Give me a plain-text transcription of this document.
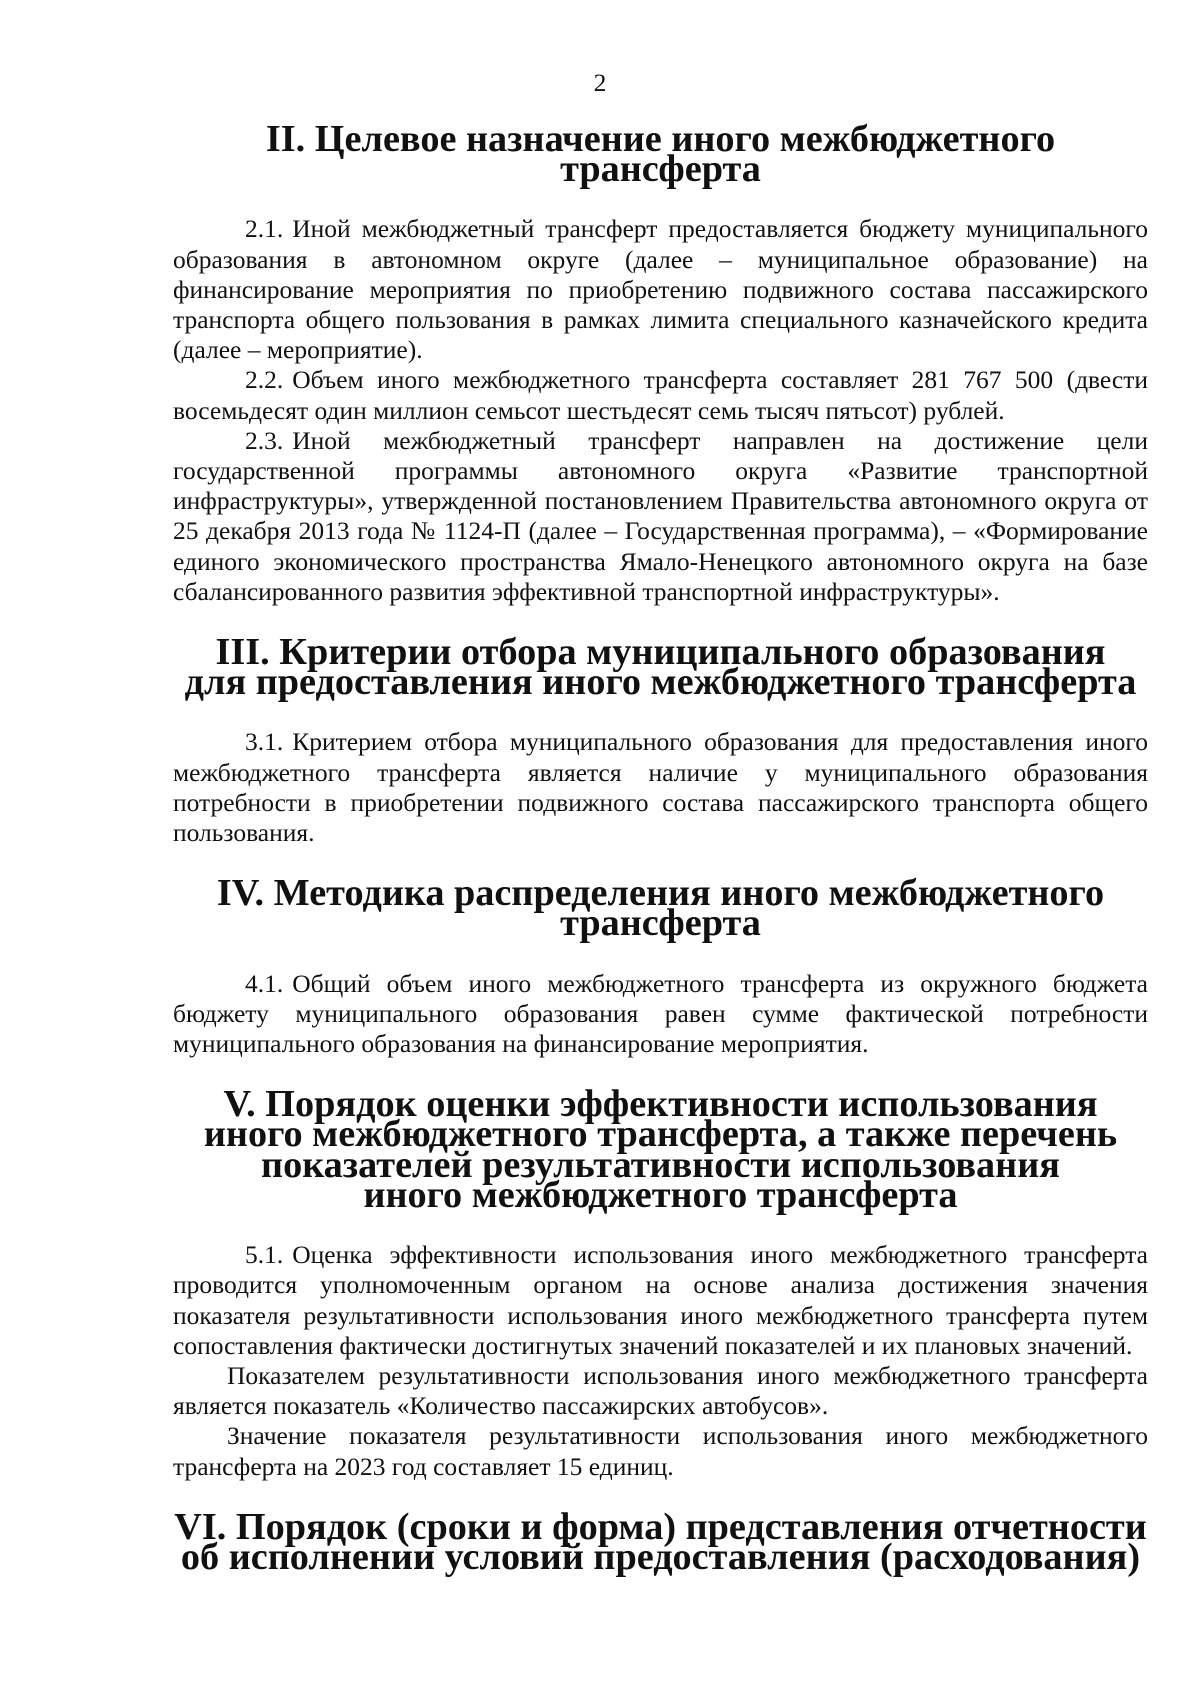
2
II. Целевое назначение иного межбюджетного трансферта

2.1. Иной межбюджетный трансферт предоставляется бюджету муниципального образования в автономном округе (далее – муниципальное образование) на финансирование мероприятия по приобретению подвижного состава пассажирского транспорта общего пользования в рамках лимита специального казначейского кредита (далее – мероприятие).

2.2. Объем иного межбюджетного трансферта составляет 281 767 500 (двести восемьдесят один миллион семьсот шестьдесят семь тысяч пятьсот) рублей.

2.3. Иной межбюджетный трансферт направлен на достижение цели государственной программы автономного округа «Развитие транспортной инфраструктуры», утвержденной постановлением Правительства автономного округа от 25 декабря 2013 года № 1124-П (далее – Государственная программа), – «Формирование единого экономического пространства Ямало-Ненецкого автономного округа на базе сбалансированного развития эффективной транспортной инфраструктуры».

III. Критерии отбора муниципального образования
для предоставления иного межбюджетного трансферта

3.1. Критерием отбора муниципального образования для предоставления иного межбюджетного трансферта является наличие у муниципального образования потребности в приобретении подвижного состава пассажирского транспорта общего пользования.

IV. Методика распределения иного межбюджетного трансферта

4.1. Общий объем иного межбюджетного трансферта из окружного бюджета бюджету муниципального образования равен сумме фактической потребности муниципального образования на финансирование мероприятия.

V. Порядок оценки эффективности использования
иного межбюджетного трансферта, а также перечень
показателей результативности использования
иного межбюджетного трансферта

5.1. Оценка эффективности использования иного межбюджетного трансферта проводится уполномоченным органом на основе анализа достижения значения показателя результативности использования иного межбюджетного трансферта путем сопоставления фактически достигнутых значений показателей и их плановых значений.

Показателем результативности использования иного межбюджетного трансферта является показатель «Количество пассажирских автобусов».

Значение показателя результативности использования иного межбюджетного трансферта на 2023 год составляет 15 единиц.

VI. Порядок (сроки и форма) представления отчетности
об исполнении условий предоставления (расходования)
